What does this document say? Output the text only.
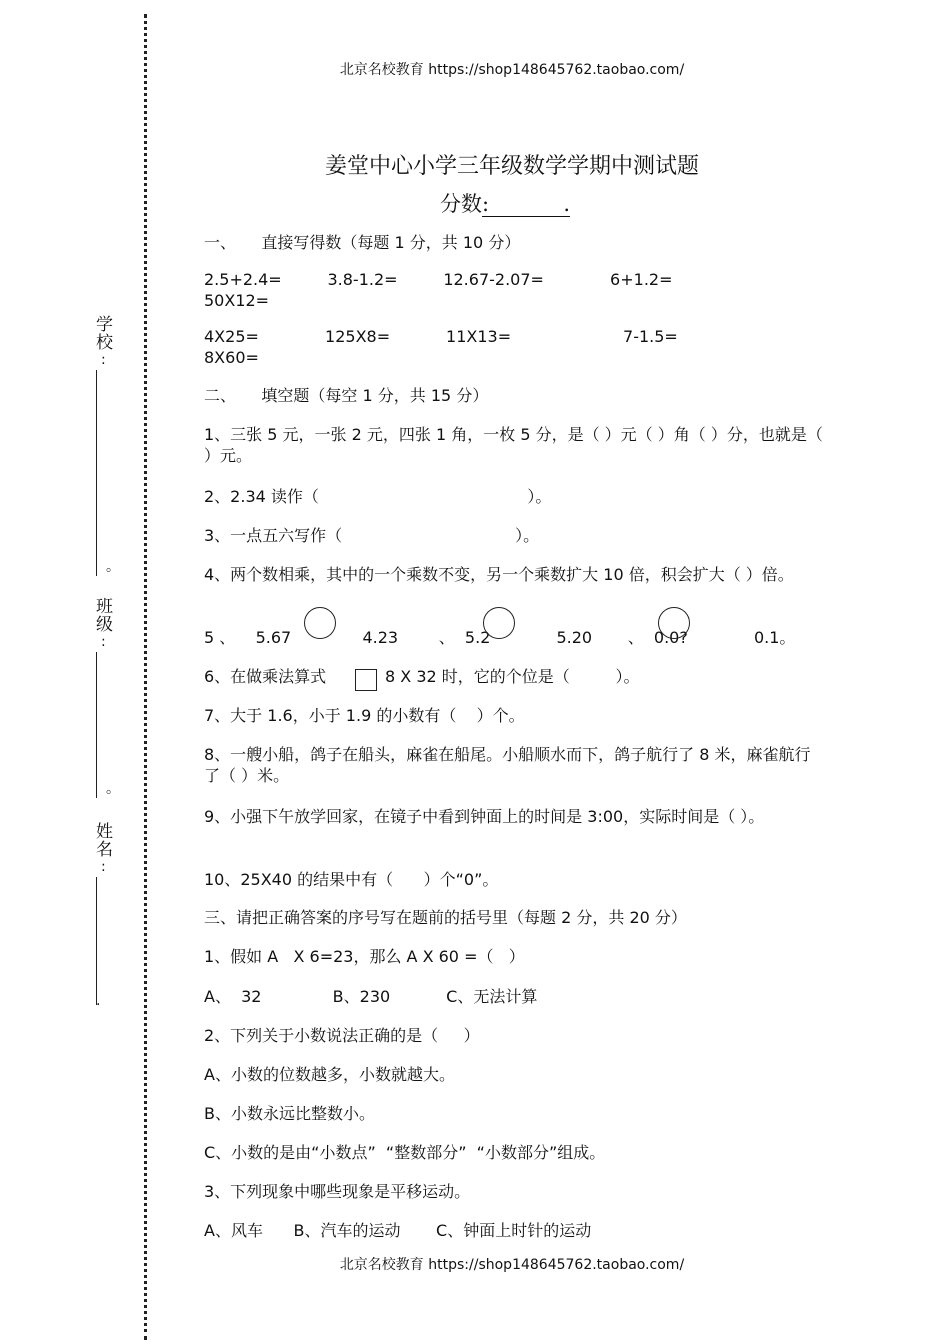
学
校
:
。
班
级
:
。
姓
名
:
.
北京名校教育 https://shop148645762.taobao.com/
北京名校教育 https://shop148645762.taobao.com/
姜堂中心小学三年级数学学期中测试题
分数 :	.
一、     直接写得数（每题 1 分，共 10 分）
2.5+2.4=         3.8-1.2=         12.67-2.07=             6+1.2=
50X12=
4X25=             125X8=           11X13=                      7-1.5=
8X60=
二、     填空题（每空 1 分，共 15 分）
1、三张 5 元，一张 2 元，四张 1 角，一枚 5 分，是（ ）元（ ）角（ ）分，也就是（ ）元。
2、2.34 读作（                                         ）。
3、一点五六写作（                                  ）。
4、两个数相乘，其中的一个乘数不变，另一个乘数扩大 10 倍，积会扩大（ ）倍。
5 、    5.67              4.23        、  5.2             5.20       、  0.0?             0.1。
6、在做乘法算式	8 X 32 时，它的个位是（         ）。
7、大于 1.6，小于 1.9 的小数有（    ）个。
8、一艘小船，鸽子在船头，麻雀在船尾。小船顺水而下，鸽子航行了 8 米，麻雀航行了（ ）米。
9、小强下午放学回家，在镜子中看到钟面上的时间是 3:00，实际时间是（ ）。
10、25X40 的结果中有（      ）个“0”。
三、请把正确答案的序号写在题前的括号里（每题 2 分，共 20 分）
1、假如 A   X 6=23，那么 A X 60 =（   ）
A、  32              B、230           C、无法计算
2、下列关于小数说法正确的是（     ）
A、小数的位数越多，小数就越大。
B、小数永远比整数小。
C、小数的是由“小数点”  “整数部分”  “小数部分”组成。
3、下列现象中哪些现象是平移运动。
A、风车      B、汽车的运动       C、钟面上时针的运动
